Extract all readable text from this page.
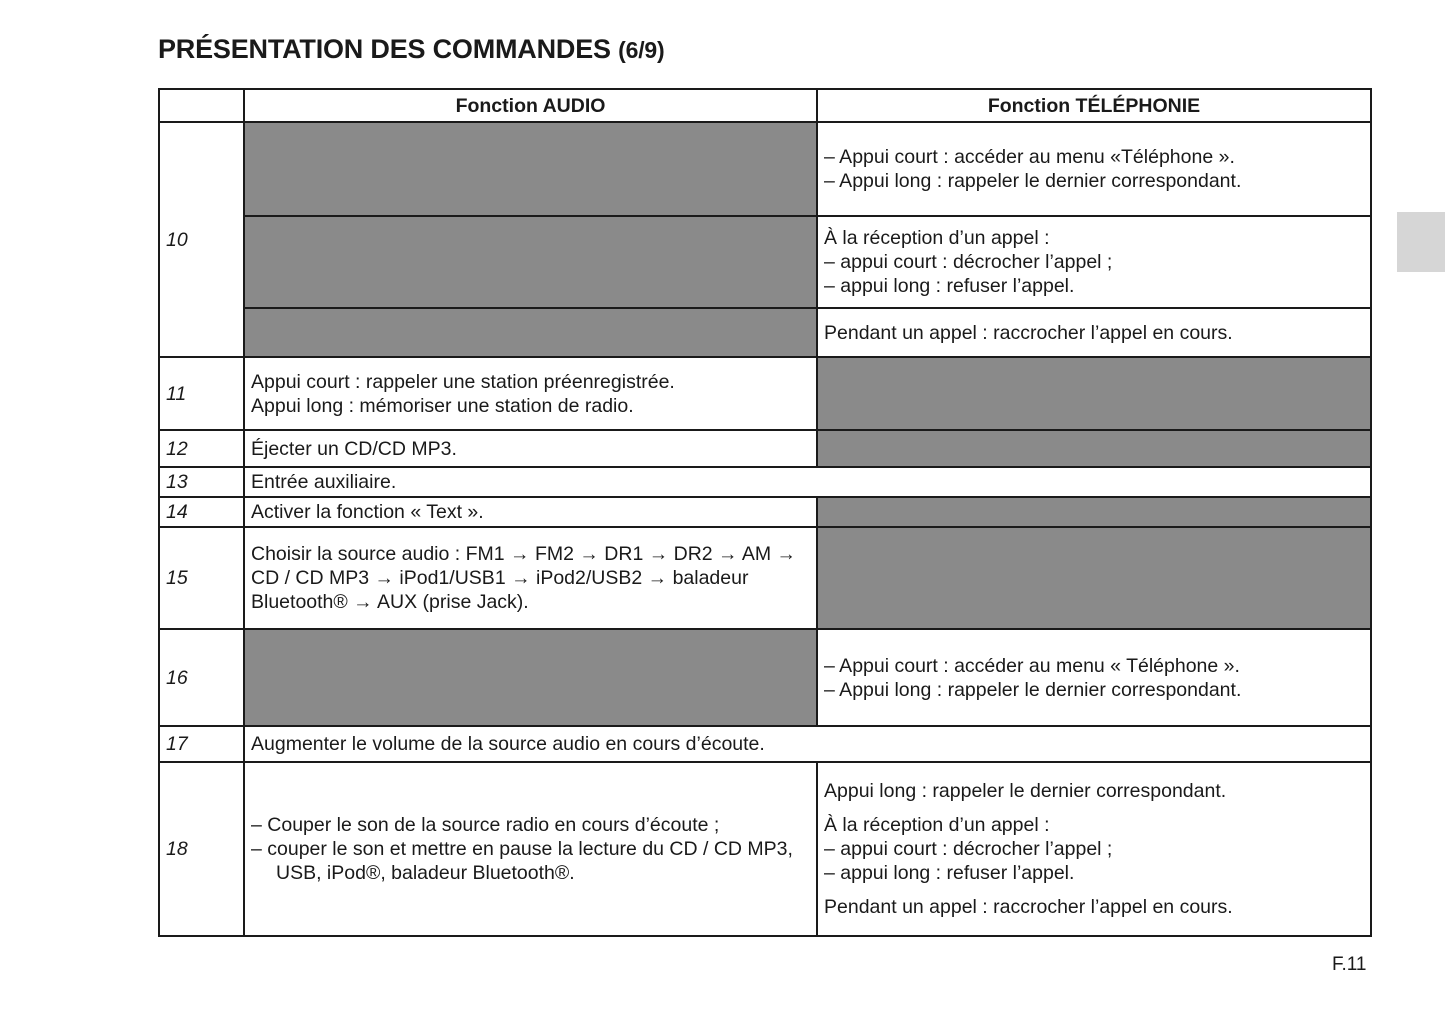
PRÉSENTATION DES COMMANDES (6/9)
	Fonction AUDIO	Fonction TÉLÉPHONIE
10		– Appui court : accéder au menu «Téléphone ».
– Appui long : rappeler le dernier correspondant.

		À la réception d’un appel :
– appui court : décrocher l’appel ;
– appui long : refuser l’appel.

		Pendant un appel : raccrocher l’appel en cours.
11	Appui court : rappeler une station préenregistrée.
Appui long : mémoriser une station de radio.	

12	Éjecter un CD/CD MP3.	
13	Entrée auxiliaire.	
14	Activer la fonction « Text ».	
15	Choisir la source audio : FM1 → FM2 → DR1 → DR2 → AM → CD / CD MP3 → iPod1/USB1 → iPod2/USB2 → baladeur Bluetooth® → AUX (prise Jack).	
16		– Appui court : accéder au menu « Téléphone ».
– Appui long : rappeler le dernier correspondant.

17	Augmenter le volume de la source audio en cours d’écoute.	
18	– Couper le son de la source radio en cours d’écoute ;
– couper le son et mettre en pause la lecture du CD / CD MP3, USB, iPod®, baladeur Bluetooth®.	Appui long : rappeler le dernier correspondant.
À la réception d’un appel :
– appui court : décrocher l’appel ;
– appui long : refuser l’appel.
Pendant un appel : raccrocher l’appel en cours.
F.11
